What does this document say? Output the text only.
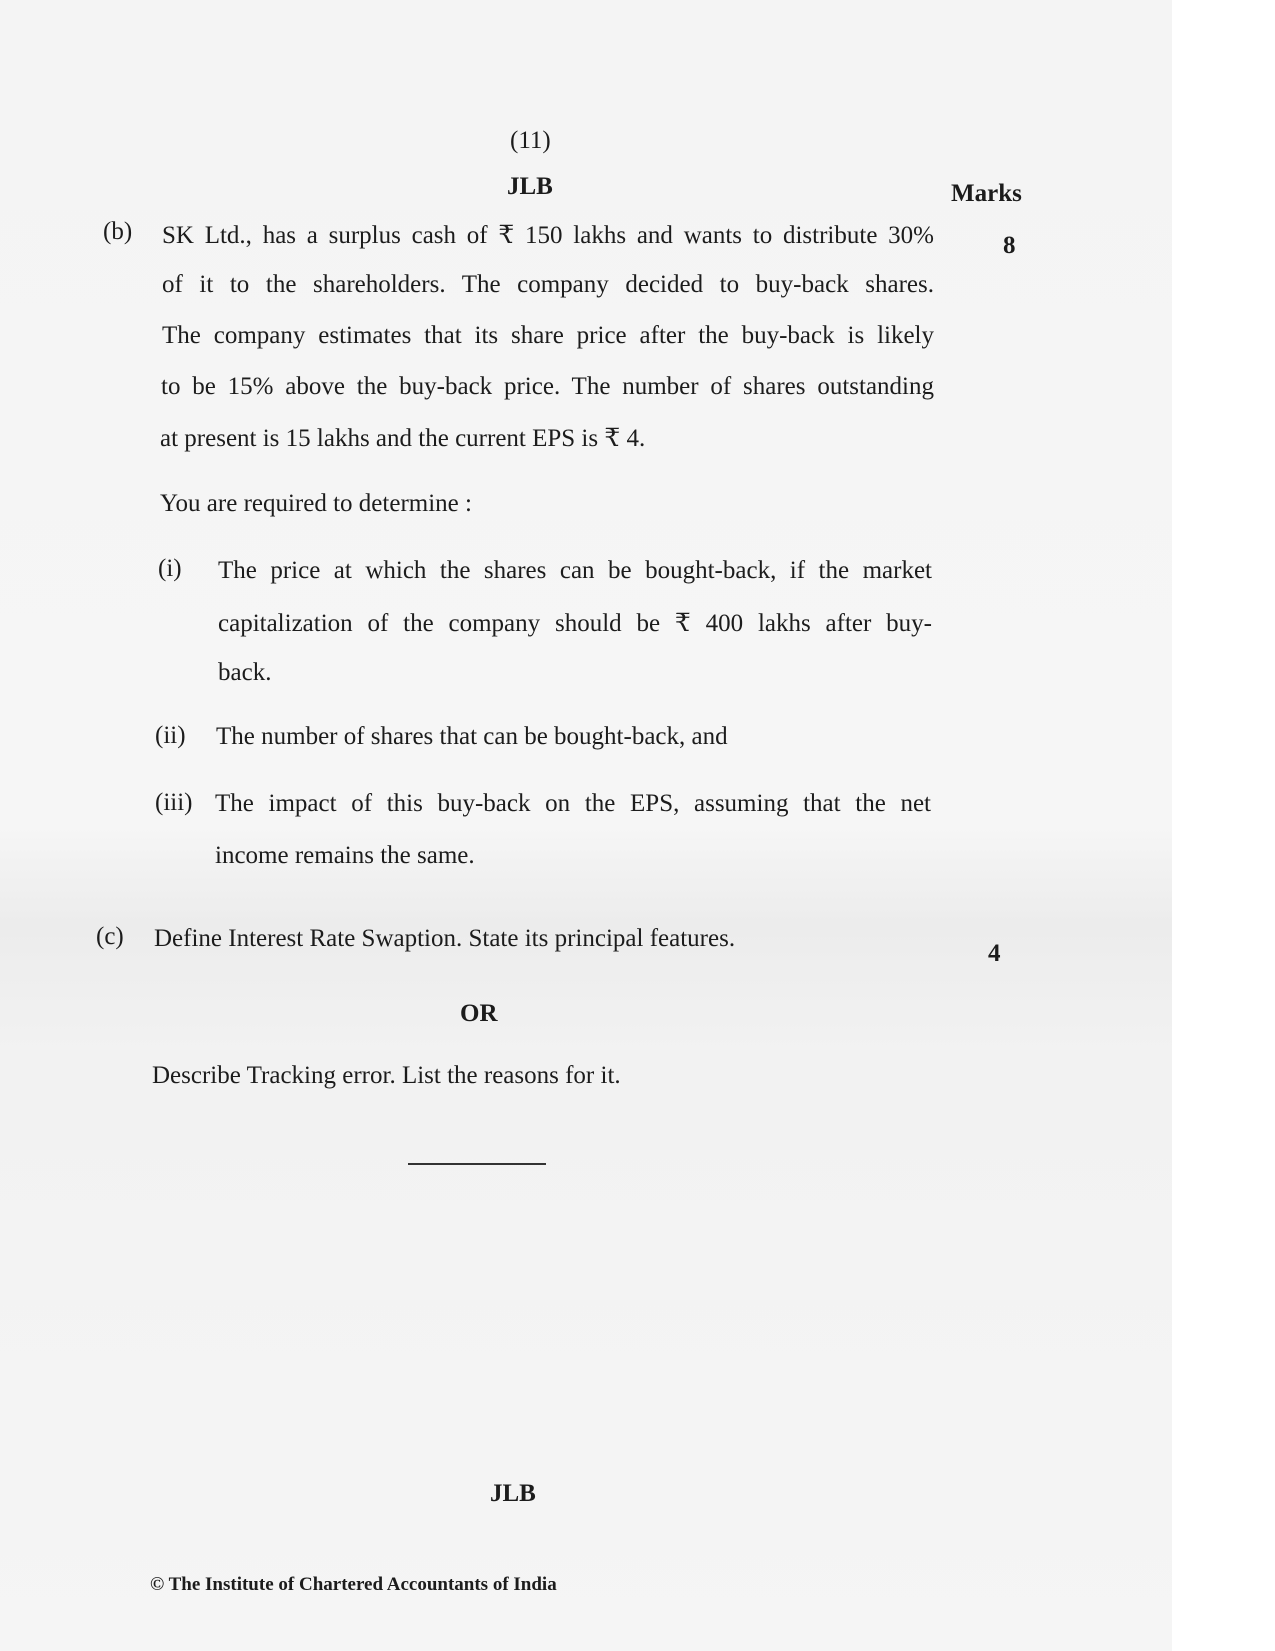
(11)
JLB	Marks
(b)
8
SK Ltd., has a surplus cash of ₹ 150 lakhs and wants to distribute 30%
of it to the shareholders. The company decided to buy-back shares.
The company estimates that its share price after the buy-back is likely
to be 15% above the buy-back price. The number of shares outstanding
at present is 15 lakhs and the current EPS is ₹ 4.
You are required to determine :
(i) The price at which the shares can be bought-back, if the market
capitalization of the company should be ₹ 400 lakhs after buy-
back.
(ii) The number of shares that can be bought-back, and
(iii) The impact of this buy-back on the EPS, assuming that the net
income remains the same.
(c) Define Interest Rate Swaption. State its principal features.
4
OR
Describe Tracking error. List the reasons for it.
JLB
© The Institute of Chartered Accountants of India
